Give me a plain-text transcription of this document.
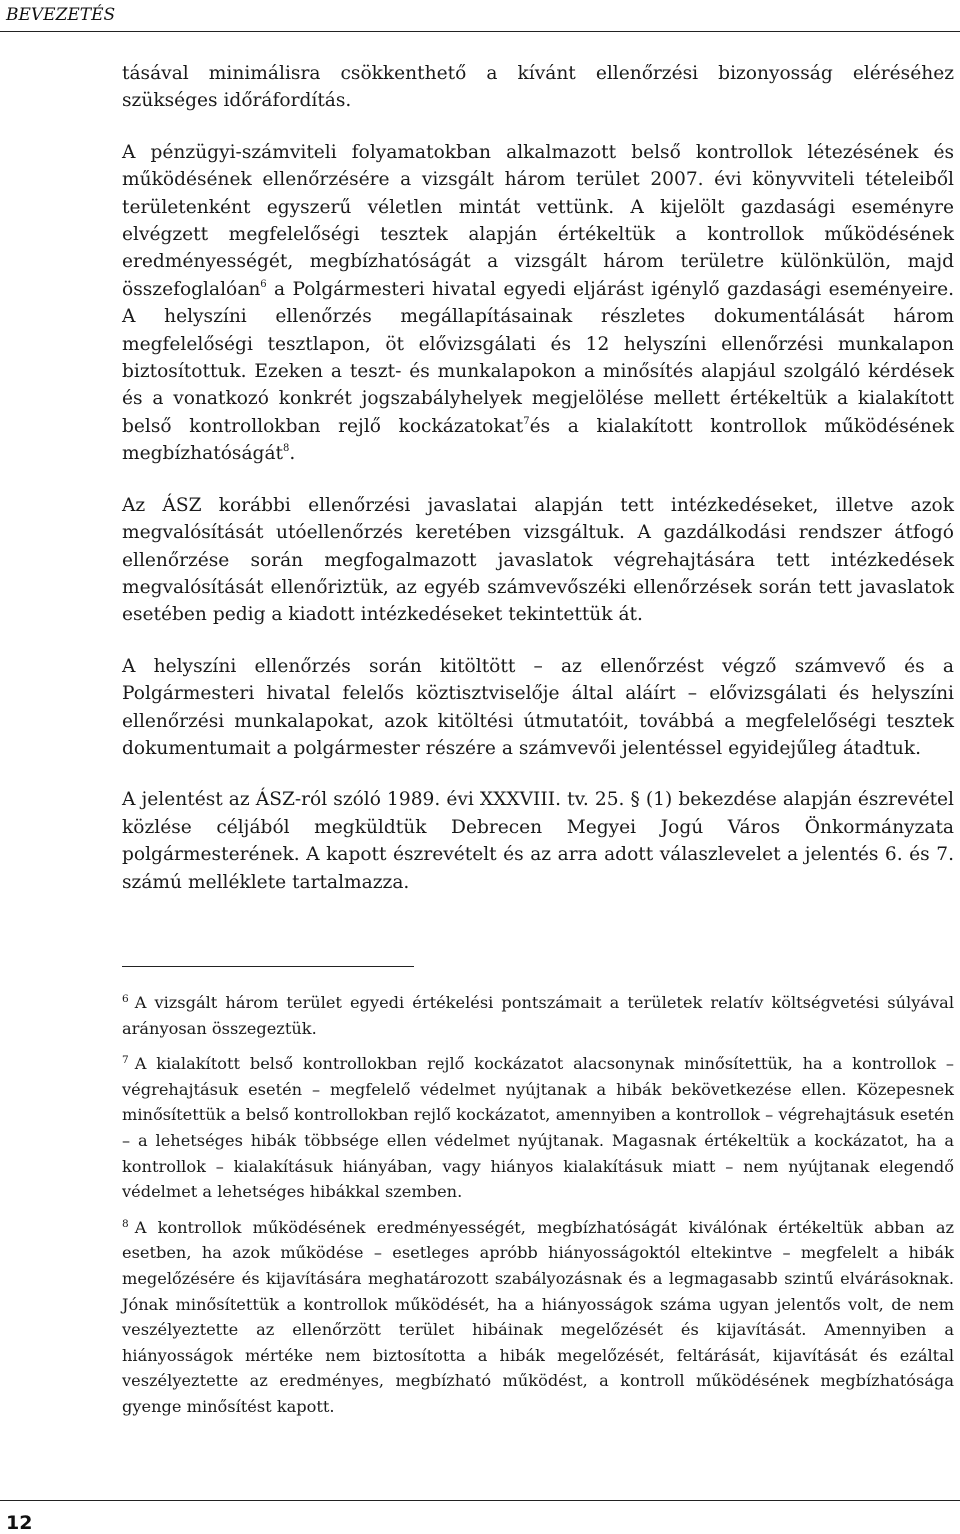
BEVEZETÉS

tásával minimálisra csökkenthető a kívánt ellenőrzési bizonyosság eléréséhez szükséges időráfordítás.

A pénzügyi-számviteli folyamatokban alkalmazott belső kontrollok létezésének és működésének ellenőrzésére a vizsgált három terület 2007. évi könyvviteli tételeiből területenként egyszerű véletlen mintát vettünk. A kijelölt gazdasági eseményre elvégzett megfelelőségi tesztek alapján értékeltük a kontrollok működésének eredményességét, megbízhatóságát a vizsgált három területre különkülön, majd összefoglalóan$^6$ a Polgármesteri hivatal egyedi eljárást igénylő gazdasági eseményeire. A helyszíni ellenőrzés megállapításainak részletes dokumentálását három megfelelőségi tesztlapon, öt elővizsgálati és 12 helyszíni ellenőrzési munkalapon biztosítottuk. Ezeken a teszt- és munkalapokon a minősítés alapjául szolgáló kérdések és a vonatkozó konkrét jogszabályhelyek megjelölése mellett értékeltük a kialakított belső kontrollokban rejlő kockázatokat$^7$és a kialakított kontrollok működésének megbízhatóságát$^8$.

Az ÁSZ korábbi ellenőrzési javaslatai alapján tett intézkedéseket, illetve azok megvalósítását utóellenőrzés keretében vizsgáltuk. A gazdálkodási rendszer átfogó ellenőrzése során megfogalmazott javaslatok végrehajtására tett intézkedések megvalósítását ellenőriztük, az egyéb számvevőszéki ellenőrzések során tett javaslatok esetében pedig a kiadott intézkedéseket tekintettük át.

A helyszíni ellenőrzés során kitöltött – az ellenőrzést végző számvevő és a Polgármesteri hivatal felelős köztisztviselője által aláírt – elővizsgálati és helyszíni ellenőrzési munkalapokat, azok kitöltési útmutatóit, továbbá a megfelelőségi tesztek dokumentumait a polgármester részére a számvevői jelentéssel egyidejűleg átadtuk.

A jelentést az ÁSZ-ról szóló 1989. évi XXXVIII. tv. 25. § (1) bekezdése alapján észrevétel közlése céljából megküldtük Debrecen Megyei Jogú Város Önkormányzata polgármesterének. A kapott észrevételt és az arra adott válaszlevelet a jelentés 6. és 7. számú melléklete tartalmazza.

$^6$ A vizsgált három terület egyedi értékelési pontszámait a területek relatív költségvetési súlyával arányosan összegeztük.

$^7$ A kialakított belső kontrollokban rejlő kockázatot alacsonynak minősítettük, ha a kontrollok – végrehajtásuk esetén – megfelelő védelmet nyújtanak a hibák bekövetkezése ellen. Közepesnek minősítettük a belső kontrollokban rejlő kockázatot, amennyiben a kontrollok – végrehajtásuk esetén – a lehetséges hibák többsége ellen védelmet nyújtanak. Magasnak értékeltük a kockázatot, ha a kontrollok – kialakításuk hiányában, vagy hiányos kialakításuk miatt – nem nyújtanak elegendő védelmet a lehetséges hibákkal szemben.

$^8$ A kontrollok működésének eredményességét, megbízhatóságát kiválónak értékeltük abban az esetben, ha azok működése – esetleges apróbb hiányosságoktól eltekintve – megfelelt a hibák megelőzésére és kijavítására meghatározott szabályozásnak és a legmagasabb szintű elvárásoknak. Jónak minősítettük a kontrollok működését, ha a hiányosságok száma ugyan jelentős volt, de nem veszélyeztette az ellenőrzött terület hibáinak megelőzését és kijavítását. Amennyiben a hiányosságok mértéke nem biztosította a hibák megelőzését, feltárását, kijavítását és ezáltal veszélyeztette az eredményes, megbízható működést, a kontroll működésének megbízhatósága gyenge minősítést kapott.

12
